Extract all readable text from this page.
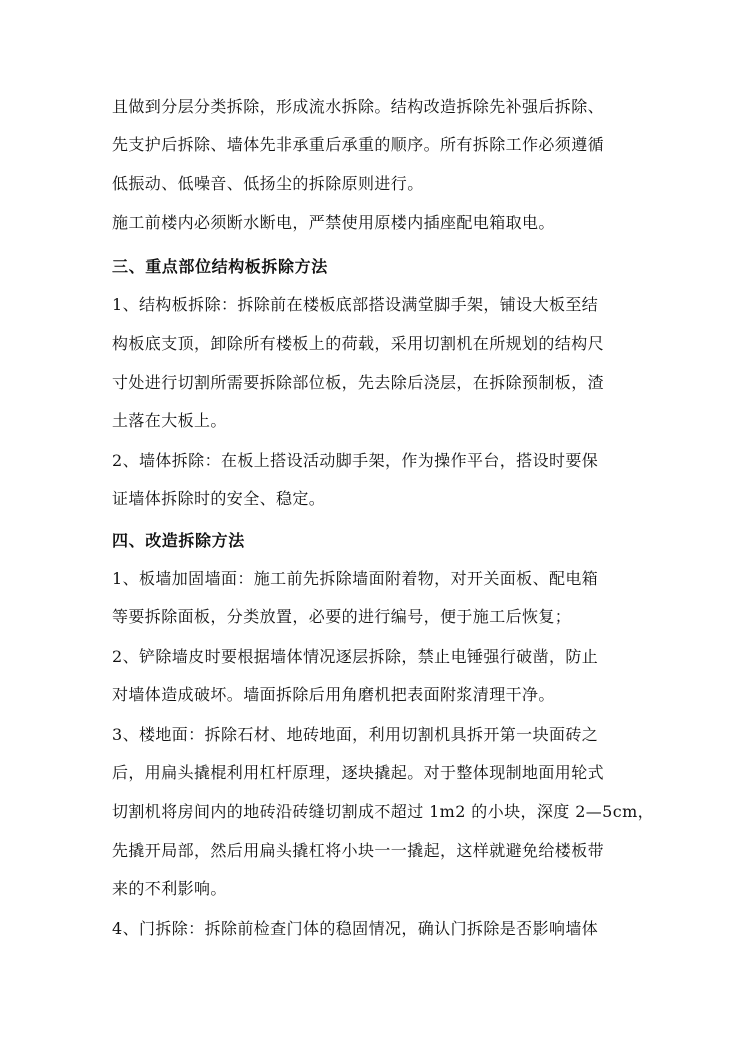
且做到分层分类拆除，形成流水拆除。结构改造拆除先补强后拆除、
先支护后拆除、墙体先非承重后承重的顺序。所有拆除工作必须遵循
低振动、低噪音、低扬尘的拆除原则进行。
施工前楼内必须断水断电，严禁使用原楼内插座配电箱取电。
三、重点部位结构板拆除方法
1、结构板拆除：拆除前在楼板底部搭设满堂脚手架，铺设大板至结
构板底支顶，卸除所有楼板上的荷载，采用切割机在所规划的结构尺
寸处进行切割所需要拆除部位板，先去除后浇层，在拆除预制板，渣
土落在大板上。
2、墙体拆除：在板上搭设活动脚手架，作为操作平台，搭设时要保
证墙体拆除时的安全、稳定。
四、改造拆除方法
1、板墙加固墙面：施工前先拆除墙面附着物，对开关面板、配电箱
等要拆除面板，分类放置，必要的进行编号，便于施工后恢复；
2、铲除墙皮时要根据墙体情况逐层拆除，禁止电锤强行破凿，防止
对墙体造成破坏。墙面拆除后用角磨机把表面附浆清理干净。
3、楼地面：拆除石材、地砖地面，利用切割机具拆开第一块面砖之
后，用扁头撬棍利用杠杆原理，逐块撬起。对于整体现制地面用轮式
切割机将房间内的地砖沿砖缝切割成不超过 1m2 的小块，深度 2—5cm，
先撬开局部，然后用扁头撬杠将小块一一撬起，这样就避免给楼板带
来的不利影响。
4、门拆除：拆除前检查门体的稳固情况，确认门拆除是否影响墙体
